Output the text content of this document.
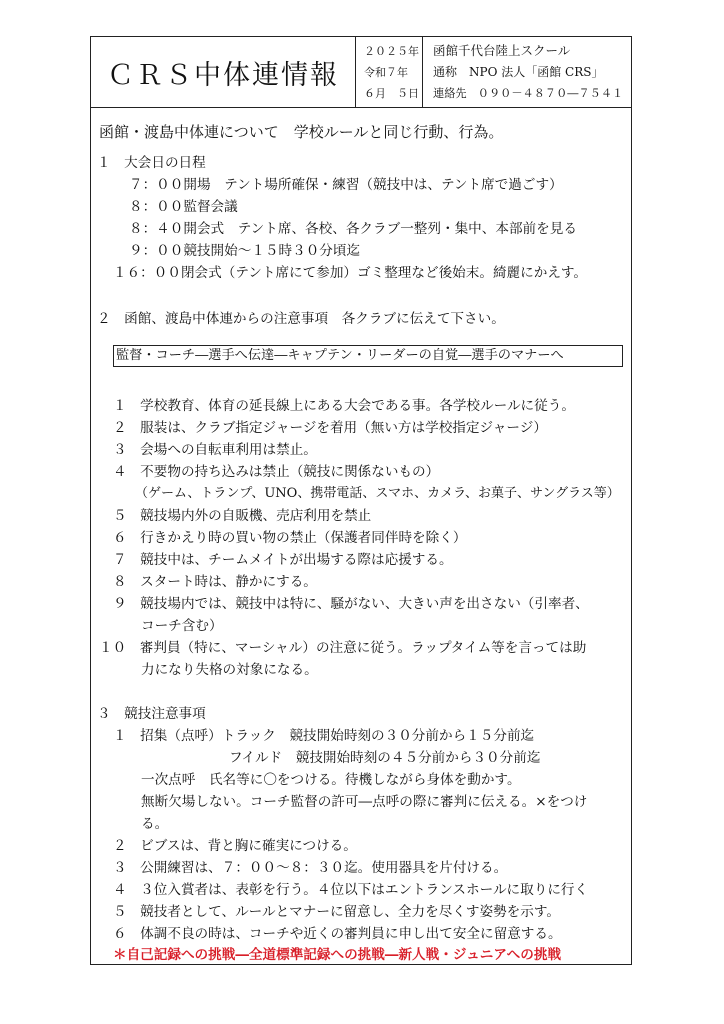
ＣＲＳ中体連情報
２０２５年
令和７年
６月　５日
函館千代台陸上スクール
通称　NPO 法人「函館 CRS」
連絡先　０９０－４８７０―７５４１
函館・渡島中体連について　学校ルールと同じ行動、行為。
１　大会日の日程
７：００開場　テント場所確保・練習（競技中は、テント席で過ごす）
８：００監督会議
８：４０開会式　テント席、各校、各クラブ一整列・集中、本部前を見る
９：００競技開始～１５時３０分頃迄
１６：００閉会式（テント席にて参加）ゴミ整理など後始末。綺麗にかえす。
２　函館、渡島中体連からの注意事項　各クラブに伝えて下さい。
監督・コーチ―選手へ伝達―キャプテン・リーダーの自覚―選手のマナーへ
１　学校教育、体育の延長線上にある大会である事。各学校ルールに従う。
２　服装は、クラブ指定ジャージを着用（無い方は学校指定ジャージ）
３　会場への自転車利用は禁止。
４　不要物の持ち込みは禁止（競技に関係ないもの）
（ゲーム、トランプ、UNO、携帯電話、スマホ、カメラ、お菓子、サングラス等）
５　競技場内外の自販機、売店利用を禁止
６　行きかえり時の買い物の禁止（保護者同伴時を除く）
７　競技中は、チームメイトが出場する際は応援する。
８　スタート時は、静かにする。
９　競技場内では、競技中は特に、騒がない、大きい声を出さない（引率者、
コーチ含む）
１０　審判員（特に、マーシャル）の注意に従う。ラップタイム等を言っては助
力になり失格の対象になる。
３　競技注意事項
１　招集（点呼）トラック　競技開始時刻の３０分前から１５分前迄
フイルド　競技開始時刻の４５分前から３０分前迄
一次点呼　氏名等に〇をつける。待機しながら身体を動かす。
無断欠場しない。コーチ監督の許可―点呼の際に審判に伝える。×をつけ
る。
２　ビブスは、背と胸に確実につける。
３　公開練習は、７：００～８：３０迄。使用器具を片付ける。
４　３位入賞者は、表彰を行う。４位以下はエントランスホールに取りに行く
５　競技者として、ルールとマナーに留意し、全力を尽くす姿勢を示す。
６　体調不良の時は、コーチや近くの審判員に申し出て安全に留意する。
＊自己記録への挑戦―全道標準記録への挑戦―新人戦・ジュニアへの挑戦
